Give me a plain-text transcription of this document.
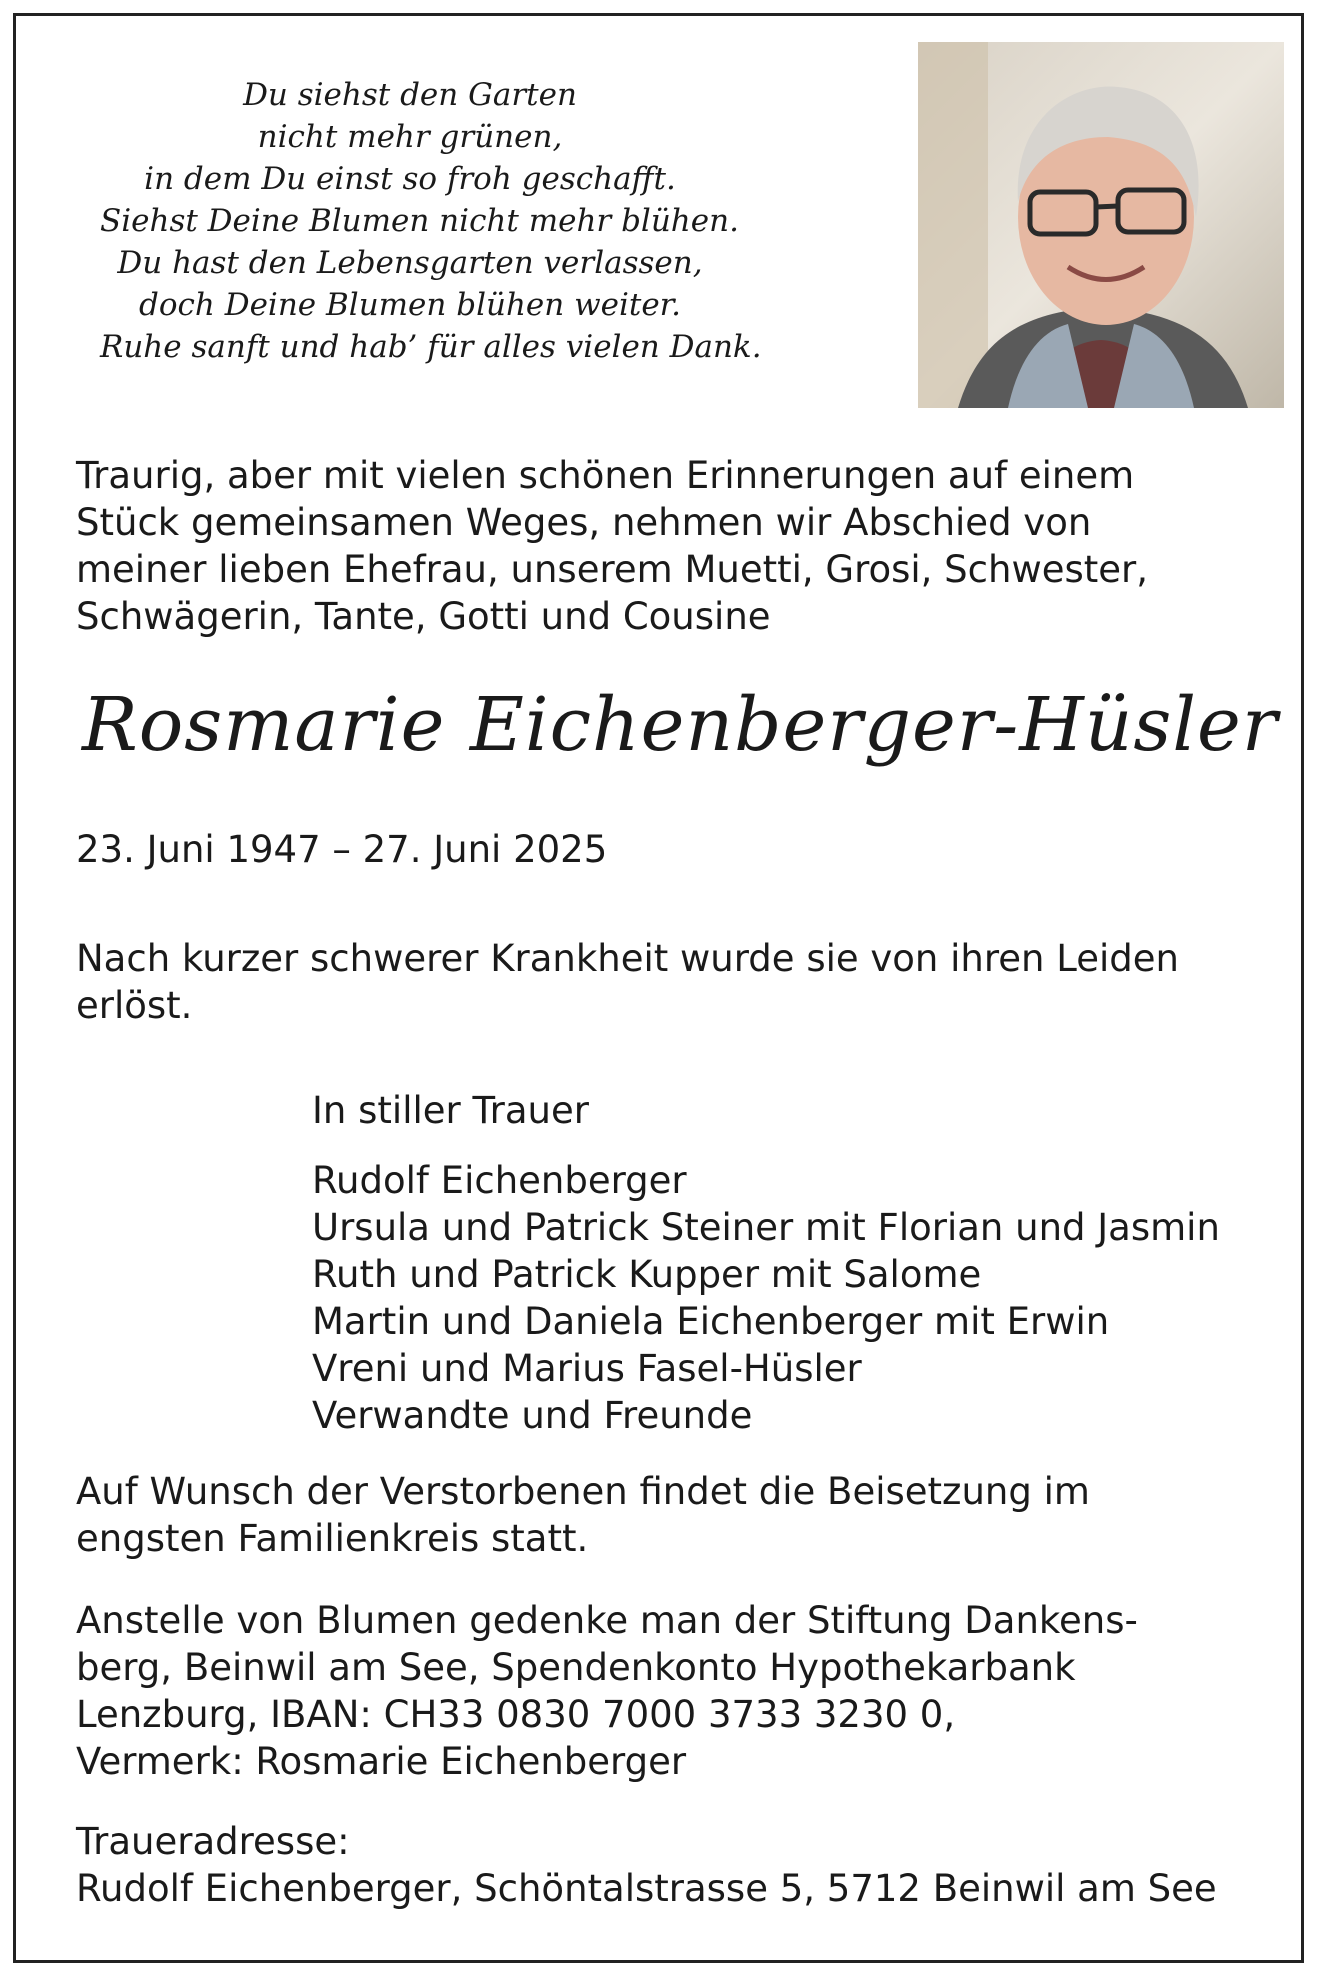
Du siehst den Garten
nicht mehr grünen,
in dem Du einst so froh geschafft.
Siehst Deine Blumen nicht mehr blühen.
Du hast den Lebensgarten verlassen,
doch Deine Blumen blühen weiter.
Ruhe sanft und hab’ für alles vielen Dank.
Traurig, aber mit vielen schönen Erinnerungen auf einem
Stück gemeinsamen Weges, nehmen wir Abschied von
meiner lieben Ehefrau, unserem Muetti, Grosi, Schwester,
Schwägerin, Tante, Gotti und Cousine
Rosmarie Eichenberger-Hüsler
23. Juni 1947 – 27. Juni 2025
Nach kurzer schwerer Krankheit wurde sie von ihren Leiden
erlöst.
In stiller Trauer
Rudolf Eichenberger
Ursula und Patrick Steiner mit Florian und Jasmin
Ruth und Patrick Kupper mit Salome
Martin und Daniela Eichenberger mit Erwin
Vreni und Marius Fasel-Hüsler
Verwandte und Freunde
Auf Wunsch der Verstorbenen findet die Beisetzung im
engsten Familienkreis statt.
Anstelle von Blumen gedenke man der Stiftung Dankens-
berg, Beinwil am See, Spendenkonto Hypothekarbank
Lenzburg, IBAN: CH33 0830 7000 3733 3230 0,
Vermerk: Rosmarie Eichenberger
Traueradresse:
Rudolf Eichenberger, Schöntalstrasse 5, 5712 Beinwil am See
